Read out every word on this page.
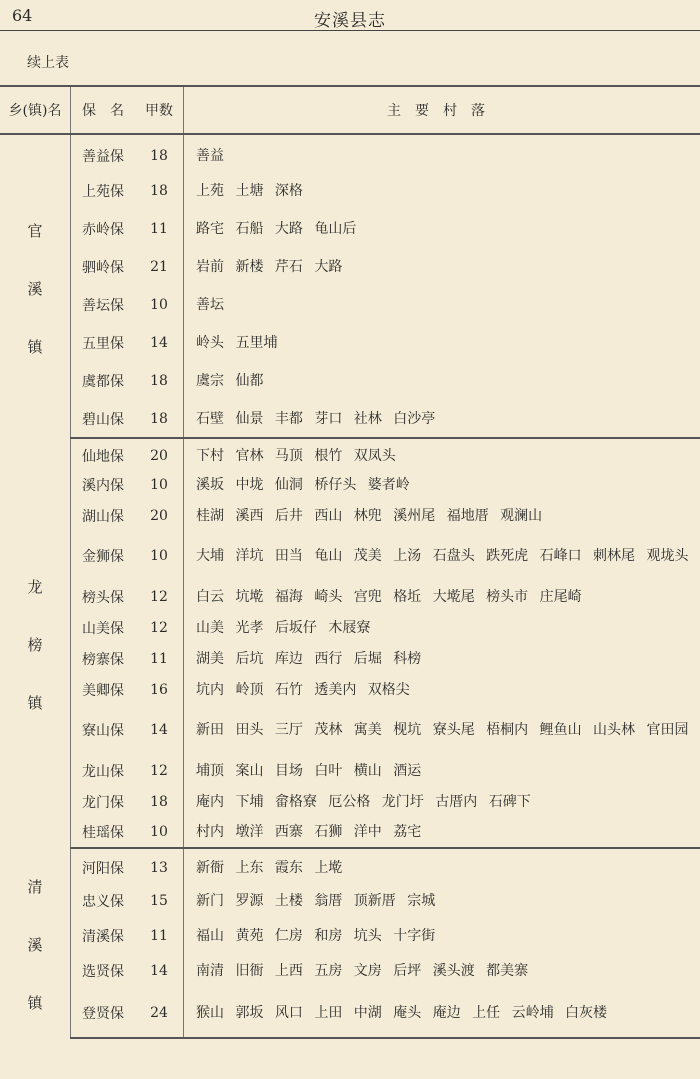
64	安溪县志
续上表
乡(镇)名	保　名	甲数	主要村落
官溪镇	善益保	18	善益
	上苑保	18	上苑 土塘 深格
	赤岭保	11	路宅 石船 大路 龟山后
	驷岭保	21	岩前 新楼 芹石 大路
	善坛保	10	善坛
	五里保	14	岭头 五里埔
	虞都保	18	虞宗 仙都
	碧山保	18	石壁 仙景 丰都 芽口 社林 白沙亭
龙榜镇	仙地保	20	下村 官林 马顶 根竹 双凤头
	溪内保	10	溪坂 中垅 仙洞 桥仔头 婆者岭
	湖山保	20	桂湖 溪西 后井 西山 林兜 溪州尾 福地厝 观澜山
	金狮保	10	大埔 洋坑 田当 龟山 茂美 上汤 石盘头 跌死虎 石峰口 刺林尾 观垅头
	榜头保	12	白云 坑墘 福海 崎头 宫兜 格坵 大墘尾 榜头市 庄尾崎
	山美保	12	山美 光孝 后坂仔 木屐寮
	榜寨保	11	湖美 后坑 库边 西行 后堀 科榜
	美卿保	16	坑内 岭顶 石竹 透美内 双格尖
	寮山保	14	新田 田头 三厅 茂林 寓美 枧坑 寮头尾 梧桐内 鲤鱼山 山头林 官田园
	龙山保	12	埔顶 案山 目场 白叶 横山 酒运
	龙门保	18	庵内 下埔 畲格寮 厄公格 龙门圩 古厝内 石碑下
	桂瑶保	10	村内 墩洋 西寨 石狮 洋中 荔宅
清溪镇	河阳保	13	新衙 上东 霞东 上墘
	忠义保	15	新门 罗源 土楼 翁厝 顶新厝 宗城
	清溪保	11	福山 黄苑 仁房 和房 坑头 十字街
	选贤保	14	南清 旧衙 上西 五房 文房 后坪 溪头渡 都美寨
	登贤保	24	猴山 郭坂 风口 上田 中湖 庵头 庵边 上任 云岭埔 白灰楼
